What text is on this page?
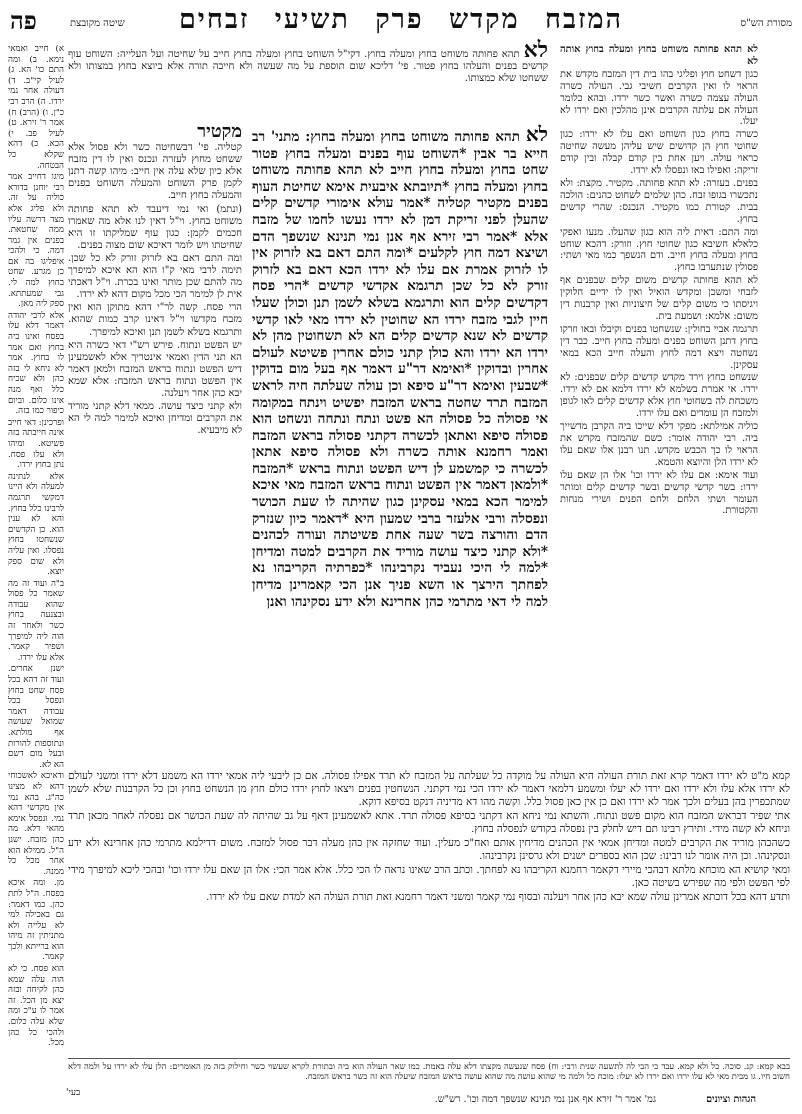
מסורת הש"ס
המזבח מקדש פרק תשיעי זבחים
שיטה מקובצת
פה

לא תהא פחותה משוחט בחוץ ומעלה בחוץ אותה לא

כגון דשחט חוץ ופליגי בהו בית דין המזבח מקדש את הראוי לו ואין הקרבים חשיבי גבי. העולה כשרה העולה עצמה כשרה ואשר כשר ירדו. ובהא כלומר העולה אם עלתה הקרבים אינן מהלכין ואם ירדו לא יעלו.

כשרה בחוץ כגון השוחט ואם עלו לא ירדו: כגון שחוטי חוץ הן קדושים שיש עליהן מעשה שחיטה כראוי עולה. ויען אחת בין קודם קבלה ובין קודם זריקה: ואפילו באו ונפסלו לא ירדו.

בפנים. בעזרה: לא תהא פחותה. מקטיר. מקצת: ולא נתכשרו בגופו זבח. כהן שלמים לשחוט כהנים: הולכה בבית. קטורת כמו מקטיר. הנכנס: שהרי קדשים בחוץ.

ומה התם: דאית ליה הוא כגון שהעלו. מנעו ואפקי כלאלא חשיבא כגון שחוטי חוץ. וזורק: דהכא שוחט בחוץ ומעלה בחוץ חייב. ודם הנשפך כמו מאי ושתי: פסולין שנתערבו בחוץ.

לא תהא פחותה קדשים משום קלים שבפנים אף לזבחי ומשכן ומקדש הואיל ואין לו ידיים חלוקין ויגיסתו כי משום קלים של חיצוניות ואין קרבנות דין משום: אלמא: ושמעת בית.

תרגמה אביי בחולין: שנשחטו בפנים וקיבלו ובאו וזרקו בחוץ דתנן השוחט בפנים ומעלה בחוץ חייב. כבר דין נשחטה ויצא דמה לחוץ והעלה חייב הכא במאי עסקינן.

שנשחט בחוץ וירד מקדש קדשים קלים שבפנים: לא ירדו. אי אמרת בשלמא לא ירדו דלמא אם לא ירדו. משכחת לה בשחוטי חוץ אלא קדשים קלים לאו לגופן ולמזבח הן עומדים ואם עלו ירדו.

כוליה אמילתא: מפקי דלא שייכו ביה הקרבן מדשייך ביה. רבי יהודה אומר: כשם שהמזבח מקדש את הראוי לו כך הכבש מקדש. תנו רבנן אלו שאם עלו לא ירדו הלן והיוצא והטמא.

ועוד אימא: אם עלו לא ירדו וכו' אלו הן שאם עלו ירדו: בשר קדשי קדשים ובשר קדשים קלים ומותר העומר ושתי הלחם ולחם הפנים ושירי מנחות והקטורת.

לא תהא פחותה משוחט בחוץ ומעלה בחוץ. דקי"ל השוחט בחוץ ומעלה בחוץ חייב על שחיטה ועל העלייה: השוחט עוף קדשים בפנים והעלהו בחוץ פטור. פי' דליכא שום תוספת על מה שעשה ולא חייבה תורה אלא ביוצא בחוץ במצותו ולא ששחטו שלא כמצותו.
לא תהא פחותה משוחט בחוץ ומעלה בחוץ: מתני' רב חייא בר אבין *השוחט עוף בפנים ומעלה בחוץ פטור שחט בחוץ ומעלה בחוץ חייב לא תהא פחותה משוחט בחוץ ומעלה בחוץ *תיובתא איבעית אימא שחיטת העוף בפנים מקטיר קטליה *אמר עולא אימורי קדשים קלים שהעלן לפני זריקת דמן לא ירדו נעשו לחמו של מזבח אלא *אמר רבי זירא אף אנן נמי תנינא שנשפך הדם ושיצא דמה חוץ לקלעים *ומה התם דאם בא לזרוק אין לו לזרוק אמרת אם עלו לא ירדו הכא דאם בא לזרוק זורק לא כל שכן תרגמא אקדשי קדשים *הרי פסח דקדשים קלים הוא ותרגמא בשלא לשמן תנן וכולן שעלו חיין לגבי מזבח ירדו הא שחוטין לא ירדו מאי לאו קדשי קדשים לא שנא קדשים קלים הא לא תשחוטין מהן לא ירדו הא ירדו והא כולן קתני כולם אחרין פשיטא לעולם אחרין ובדוקין *ואימא דר"ע דאמר אף בעל מום בדוקין *שבעין ואימא דר"ע סיפא וכן עולה שעלתה חיה לראש המזבח תרד שחטה בראש המזבח יפשיט וינתח במקומה אי פסולה כל פסולה הא פשט ונתח ונתחה ונשחט הוא פסולה סיפא ואתאן לכשרה דקתני פסולה בראש המזבח ואמר רחמנא אותה כשרה ולא פסולה סיפא אתאן לכשרה כי קמשמע לן דיש הפשט ונתוח בראש *המזבח *ולמאן דאמר אין הפשט ונתוח בראש המזבח מאי איכא למימר הכא במאי עסקינן כגון שהיתה לו שעת הכושר ונפסלה ורבי אלעזר ברבי שמעון היא *דאמר כיון שנזרק הדם והורצה בשר שעה אחת פשיטתה ועורה לכהנים *ולא קתני כיצד עושה מוריד את הקרבים למטה ומדיחן *למה לי היכי נעביד נקרבינהו *כפרתיה הקריבהו נא לפחתך הירצך או השא פניך אנן הכי קאמרינן מדיחן למה לי דאי מתרמי כהן אחרינא ולא ידע נסקינהו ואנן

מקטיר

קטליה. פי' דבשחיטה כשר ולא פסול אלא ששחט מחוץ לעזרה ונכנס ואין לו דין מזבח אלא כיון שלא עלה אין חייב: מיהו קשה דתנן לקמן פרק השוחט והמעלה השוחט בפנים והמעלה בחוץ חייב.

(ונתמ) ואי נמי דיעבד לא תהא פחותה משוחט בחוץ. וי"ל דאין לנו אלא מה שאמרו חכמים לקמן: כגון עוף שמליקתו זו היא שחיטתו ויש לומר דאיכא שום מצוה בפנים.

ומה התם דאם בא לזרוק זורק לא כל שכן. תימה לרבי מאי ק"ו הוא הא איכא למיפרך מה להתם שכן מותר ואינו בכרת. וי"ל דאכתי אית לן למימר הכי מכל מקום דהא לא ירדו.

הרי פסח. קשה לר"י דהא מתוקן הוא ואין מזבח מקדשו וי"ל דאינו קרב כמות שהוא. ותרגמא בשלא לשמן תנן ואיכא למיפרך.

יש הפשט ונתוח. פירש רש"י דאי כשרה היא הא תני הדין ואמאי אינטריך אלא לאשמעינן דיש הפשט ונתוח בראש המזבח ולמאן דאמר אין הפשט ונתוח בראש המזבח: אלא שמא יבא כהן אחר ויעלנה.

ולא קתני כיצד עושה. ממאי דלא קתני מוריד את הקרבים ומדיחן ואיכא למימר למה לי הא לא מיבעיא.

א) חייב ואמאי נימא. ב) ומה התם כו' הא. ג) לעיל קי"ב. ד) דעולה אחר נמי ירדו. ה) הרב רבי כ"ן. ו) (הרב) ח) אמר ר' זירא. ט) לעיל פב. י) הכא. כ) דהא שקלא כל הבטחה.

מיגו דחייב אמר רבי יוחנן בדורא כוליה על זה. ולא פליג אלא מצד דרשה עליו ממה שחטאת. בפנים אין גמר דמה. כי ולהכי איפליגו בה אם כן מגרע. שחט בחוץ למה לי. גבי שמעתתא. ספק ליה מאן.

אלא לרבי יהודה דאמר דלא עלו בפסח ואינו ביה בחוץ ואם אמר לו בחוץ. אמר לא ניחא לי בזה כהן ולא שכיח כלל ואף מנה אינו כלום. וביום כיפור כמו בזה.

ופרכינן: דאי חייב אינה חייבתה בזה פשיטא. ומיהו ולא עלו פסח. נתן בחוץ ירדו.

אלא לנתינה למעלה ולא היינו דמקשי תרגמה לרבינו כלל בחוץ. והא לא ענין הוא. כן הקדשים שנשחטו בחוץ נפסלו. ואין עליה ולא שום ספק יוצא.

ב"ה ועוד זה מה שאמר כל פסול שהוא עבודה ובצנעה בחוץ כשר ולאחר זה הוה ליה למיפרך ושפיר קאמר. אלא עלו ירדו.

ישנן אחרים. ועוד זה דהא בכל פסח שחט בחוץ ונפסל בכל עבודה דאמר שמואל שעושה אף מולתא. ונתוספות להורות ובעל מום דשם הא לא.

ודאיכא לאשכוחי דהא לא מצינו כה"ג. בהא נמי אין מקדשי דהא נמי. ונפסל אימא מהאי דלא. מה כהן מזבח. ישנן ה"ל. ממילא הוא אחר מכל כל ממנה.

מן. ומה איכא בפסח. ה"ל לתת כהן. כמו דאמר: גם באכילה למי לא עלייה ולא מתניתין זה מיהו הוא ברייתא ולכך קאמר.

הוא פסח. כי לא הוה עלה שמא כהן לקיחה ובזה יצא מן הכל. זה אמר לו ע"כ ומה שלא עלה כלום. ולהכי כל כהן מכל.

קמא מ"ט לא ירדו דאמר קרא זאת תורת העולה היא העולה על מוקדה כל שעלתה על המזבח לא תרד אפילו פסולה. אם כן ליבעי ליה אמאי ירדו הא משמע דלא ירדו ומשני לעולם לא ירדו אלא עלו ולא ירדו ואם ירדו לא יעלו ומשמע דלמאי דאמר לא ירדו הכי נמי דקתני. הנשחטין בפנים ויצאו לחוץ ירדו כולם חוץ מן הנשחט בחוץ וכן כל הקרבנות שלא לשמן שמתכפרין בהן בעלים ולכך אמר לא ירדו ואם כן אין כאן פסול כלל. וקשה מהו דא מדיניה דנקט בסיפא דוקא.

אתי שפיר דבראש המזבח הוא מקום פשט ונתוח. והשתא נמי ניחא הא דקתני בסיפא פסולה תרד. אתא לאשמעינן דאף על גב שהיתה לה שעת הכושר אם נפסלה לאחר מכאן תרד וניחא לא קשה מידי. ותירץ רבינו תם דיש לחלק בין נפסלה בקודש לנפסלה בחוץ.

כשהכהן מוריד את הקרבים למטה ומדיחן אמאי אין הכהנים מדיחין אותם ואח"כ מעלין. ועוד שחזקה אין כהן מעלה דבר פסול למזבח. משום דדילמא מתרמי כהן אחרינא ולא ידע ונסקינהו. וכן היה אומר לנו רבינו: שכן הוא בספרים ישנים ולא גרסינן נקרבינהו.

ומאי קושיא הא מוכחא מלתא דבהכי מיירי דקאמר רחמנא הקריבהו נא לפחתך. וכתב הרב שאינו נראה לו הכי כלל. אלא אמר הכי: אלו הן שאם עלו ירדו וכו' ובהכי ליכא למיפרך מידי לפי הפשט ולפי מה שפירש בשיטה כאן.

ותדע דהא בכל דוכתא אמרינן עולה שמא יבא כהן אחר ויעלנה ובסוף נמי קאמר ומשני דאמר רחמנא זאת תורת העולה הא למדת שאם עלו לא ירדו.

בבא קמא: קנ. סוכה. כל ולא קמא. עבד כי הבי לה לתשעה שנית ורבי: וח) פסח שנעשה מקצתו דלא עלה באמת. כמו שאר העולה הוא ביה ובתורת לקרא שעשוי כשר וחילוק בזה מן האומרים: הלן עלו לא ירדו על ולמה דלא חשוב חיו. גו מבית מאי לא עלו ירדו ואם ירדו לא יעלו: מוכח כל ולמה מי שהוא עושה מה שהוא עושה בראש המזבח שיעלה הוא זה כשר בראש המזבח.
בעי'
הגהות וציונים
גמ' אמר ר' זירא אף אנן נמי תנינא שנשפך דמה וכו'. רש"ש.
